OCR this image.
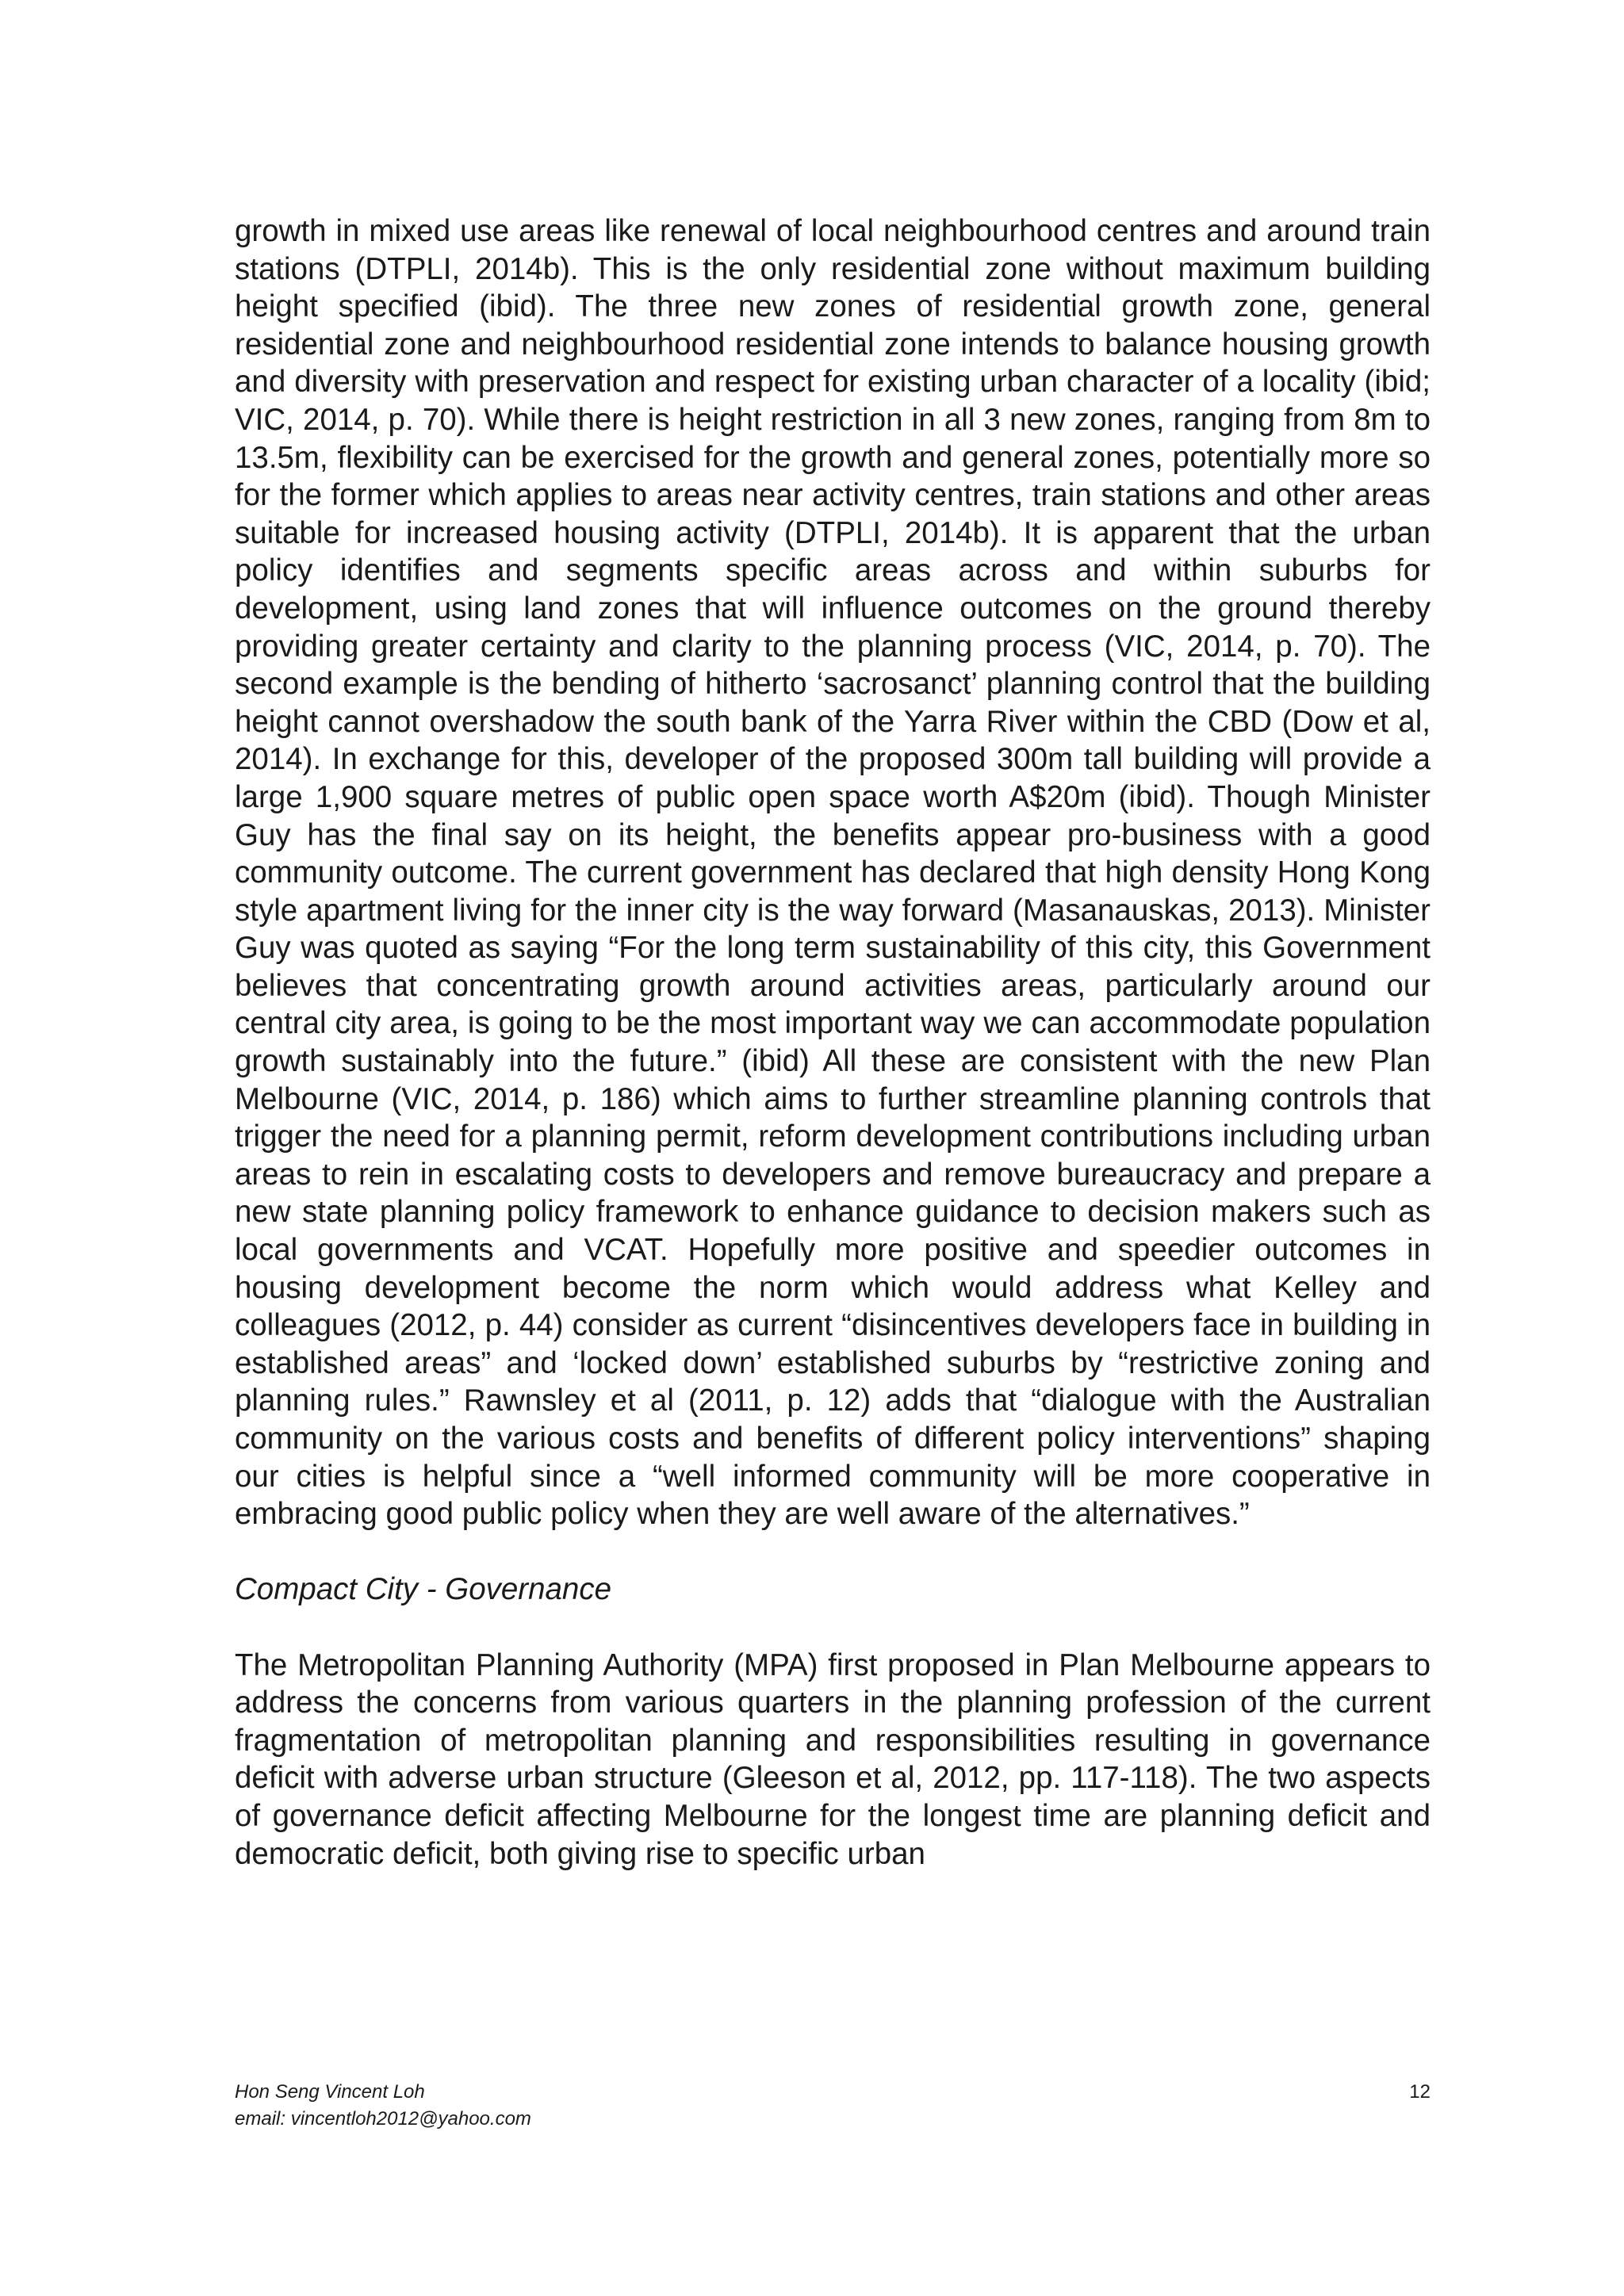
growth in mixed use areas like renewal of local neighbourhood centres and around train stations (DTPLI, 2014b). This is the only residential zone without maximum building height specified (ibid). The three new zones of residential growth zone, general residential zone and neighbourhood residential zone intends to balance housing growth and diversity with preservation and respect for existing urban character of a locality (ibid; VIC, 2014, p. 70). While there is height restriction in all 3 new zones, ranging from 8m to 13.5m, flexibility can be exercised for the growth and general zones, potentially more so for the former which applies to areas near activity centres, train stations and other areas suitable for increased housing activity (DTPLI, 2014b). It is apparent that the urban policy identifies and segments specific areas across and within suburbs for development, using land zones that will influence outcomes on the ground thereby providing greater certainty and clarity to the planning process (VIC, 2014, p. 70). The second example is the bending of hitherto ‘sacrosanct’ planning control that the building height cannot overshadow the south bank of the Yarra River within the CBD (Dow et al, 2014). In exchange for this, developer of the proposed 300m tall building will provide a large 1,900 square metres of public open space worth A$20m (ibid). Though Minister Guy has the final say on its height, the benefits appear pro-business with a good community outcome. The current government has declared that high density Hong Kong style apartment living for the inner city is the way forward (Masanauskas, 2013). Minister Guy was quoted as saying “For the long term sustainability of this city, this Government believes that concentrating growth around activities areas, particularly around our central city area, is going to be the most important way we can accommodate population growth sustainably into the future.” (ibid) All these are consistent with the new Plan Melbourne (VIC, 2014, p. 186) which aims to further streamline planning controls that trigger the need for a planning permit, reform development contributions including urban areas to rein in escalating costs to developers and remove bureaucracy and prepare a new state planning policy framework to enhance guidance to decision makers such as local governments and VCAT. Hopefully more positive and speedier outcomes in housing development become the norm which would address what Kelley and colleagues (2012, p. 44) consider as current “disincentives developers face in building in established areas” and ‘locked down’ established suburbs by “restrictive zoning and planning rules.” Rawnsley et al (2011, p. 12) adds that “dialogue with the Australian community on the various costs and benefits of different policy interventions” shaping our cities is helpful since a “well informed community will be more cooperative in embracing good public policy when they are well aware of the alternatives.”

Compact City - Governance

The Metropolitan Planning Authority (MPA) first proposed in Plan Melbourne appears to address the concerns from various quarters in the planning profession of the current fragmentation of metropolitan planning and responsibilities resulting in governance deficit with adverse urban structure (Gleeson et al, 2012, pp. 117-118). The two aspects of governance deficit affecting Melbourne for the longest time are planning deficit and democratic deficit, both giving rise to specific urban

Hon Seng Vincent Loh
email: vincentloh2012@yahoo.com
12
